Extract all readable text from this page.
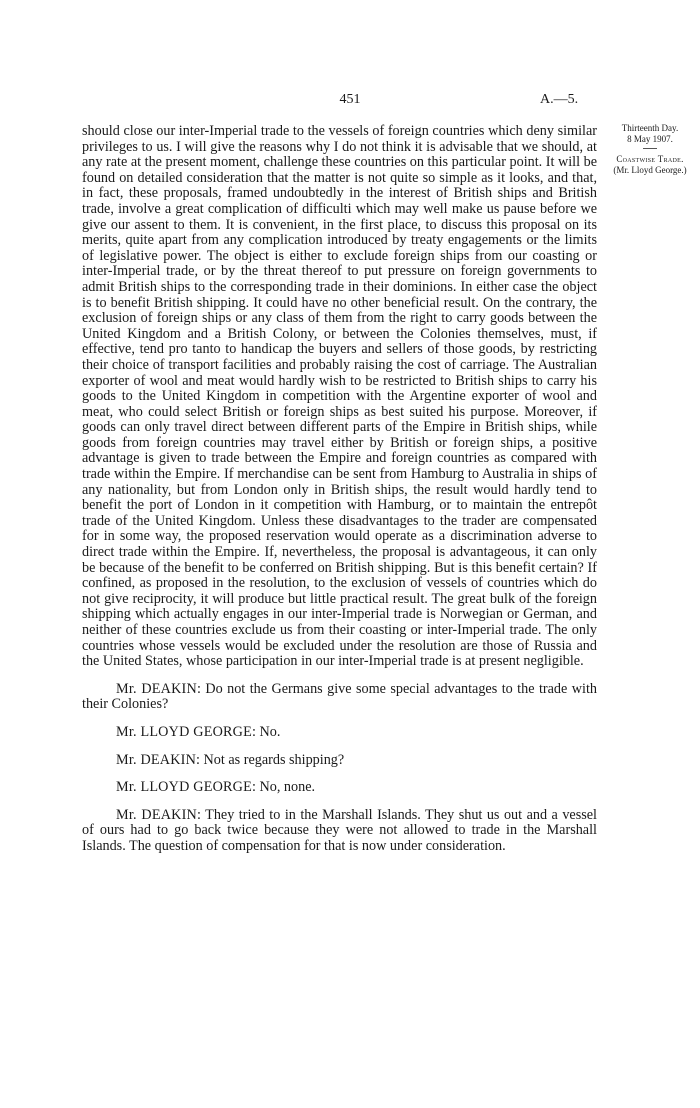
451	A.—5.
Thirteenth Day.
8 May 1907.
Coastwise Trade.
(Mr. Lloyd George.)

should close our inter-Imperial trade to the vessels of foreign countries which deny similar privileges to us. I will give the reasons why I do not think it is advisable that we should, at any rate at the present moment, challenge these countries on this particular point. It will be found on detailed consideration that the matter is not quite so simple as it looks, and that, in fact, these proposals, framed undoubtedly in the interest of British ships and British trade, involve a great complication of difficulti which may well make us pause before we give our assent to them. It is convenient, in the first place, to discuss this proposal on its merits, quite apart from any complication introduced by treaty engagements or the limits of legislative power. The object is either to exclude foreign ships from our coasting or inter-Imperial trade, or by the threat thereof to put pressure on foreign governments to admit British ships to the corresponding trade in their dominions. In either case the object is to benefit British shipping. It could have no other beneficial result. On the contrary, the exclusion of foreign ships or any class of them from the right to carry goods between the United Kingdom and a British Colony, or between the Colonies themselves, must, if effective, tend pro tanto to handicap the buyers and sellers of those goods, by restricting their choice of transport facilities and probably raising the cost of carriage. The Australian exporter of wool and meat would hardly wish to be restricted to British ships to carry his goods to the United Kingdom in competition with the Argentine exporter of wool and meat, who could select British or foreign ships as best suited his purpose. Moreover, if goods can only travel direct between different parts of the Empire in British ships, while goods from foreign countries may travel either by British or foreign ships, a positive advantage is given to trade between the Empire and foreign countries as compared with trade within the Empire. If merchandise can be sent from Hamburg to Australia in ships of any nationality, but from London only in British ships, the result would hardly tend to benefit the port of London in it competition with Hamburg, or to maintain the entrepôt trade of the United Kingdom. Unless these disadvantages to the trader are compensated for in some way, the proposed reservation would operate as a discrimination adverse to direct trade within the Empire. If, nevertheless, the proposal is advantageous, it can only be because of the benefit to be conferred on British shipping. But is this benefit certain? If confined, as proposed in the resolution, to the exclusion of vessels of countries which do not give reciprocity, it will produce but little practical result. The great bulk of the foreign shipping which actually engages in our inter-Imperial trade is Norwegian or German, and neither of these countries exclude us from their coasting or inter-Imperial trade. The only countries whose vessels would be excluded under the resolution are those of Russia and the United States, whose participation in our inter-Imperial trade is at present negligible.

Mr. DEAKIN: Do not the Germans give some special advantages to the trade with their Colonies?

Mr. LLOYD GEORGE: No.

Mr. DEAKIN: Not as regards shipping?

Mr. LLOYD GEORGE: No, none.

Mr. DEAKIN: They tried to in the Marshall Islands. They shut us out and a vessel of ours had to go back twice because they were not allowed to trade in the Marshall Islands. The question of compensation for that is now under consideration.
